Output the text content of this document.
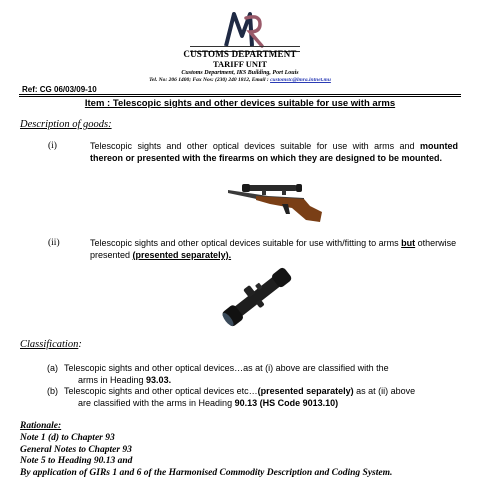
CUSTOMS DEPARTMENT
TARIFF UNIT
Customs Department, IKS Building, Port Louis
Tel. No: 206 1400; Fax Nos: (230) 240 1812, Email : customstc@lmra.intnet.mu
Ref: CG 06/03/09-10
Item : Telescopic sights and other devices suitable for use with arms
Description of goods:
(i)	Telescopic sights and other optical devices suitable for use with arms and mounted thereon or presented with the firearms on which they are designed to be mounted.
(ii)	Telescopic sights and other optical devices suitable for use with/fitting to arms but otherwise presented (presented separately).
Classification:
(a) Telescopic sights and other optical devices…as at (i) above are classified with the
arms in Heading 93.03.
(b) Telescopic sights and other optical devices etc…(presented separately) as at (ii) above
are classified with the arms in Heading 90.13 (HS Code 9013.10)
Rationale:
Note 1 (d) to Chapter 93
General Notes to Chapter 93
Note 5 to Heading 90.13 and
By application of GIRs 1 and 6 of the Harmonised Commodity Description and Coding System.
